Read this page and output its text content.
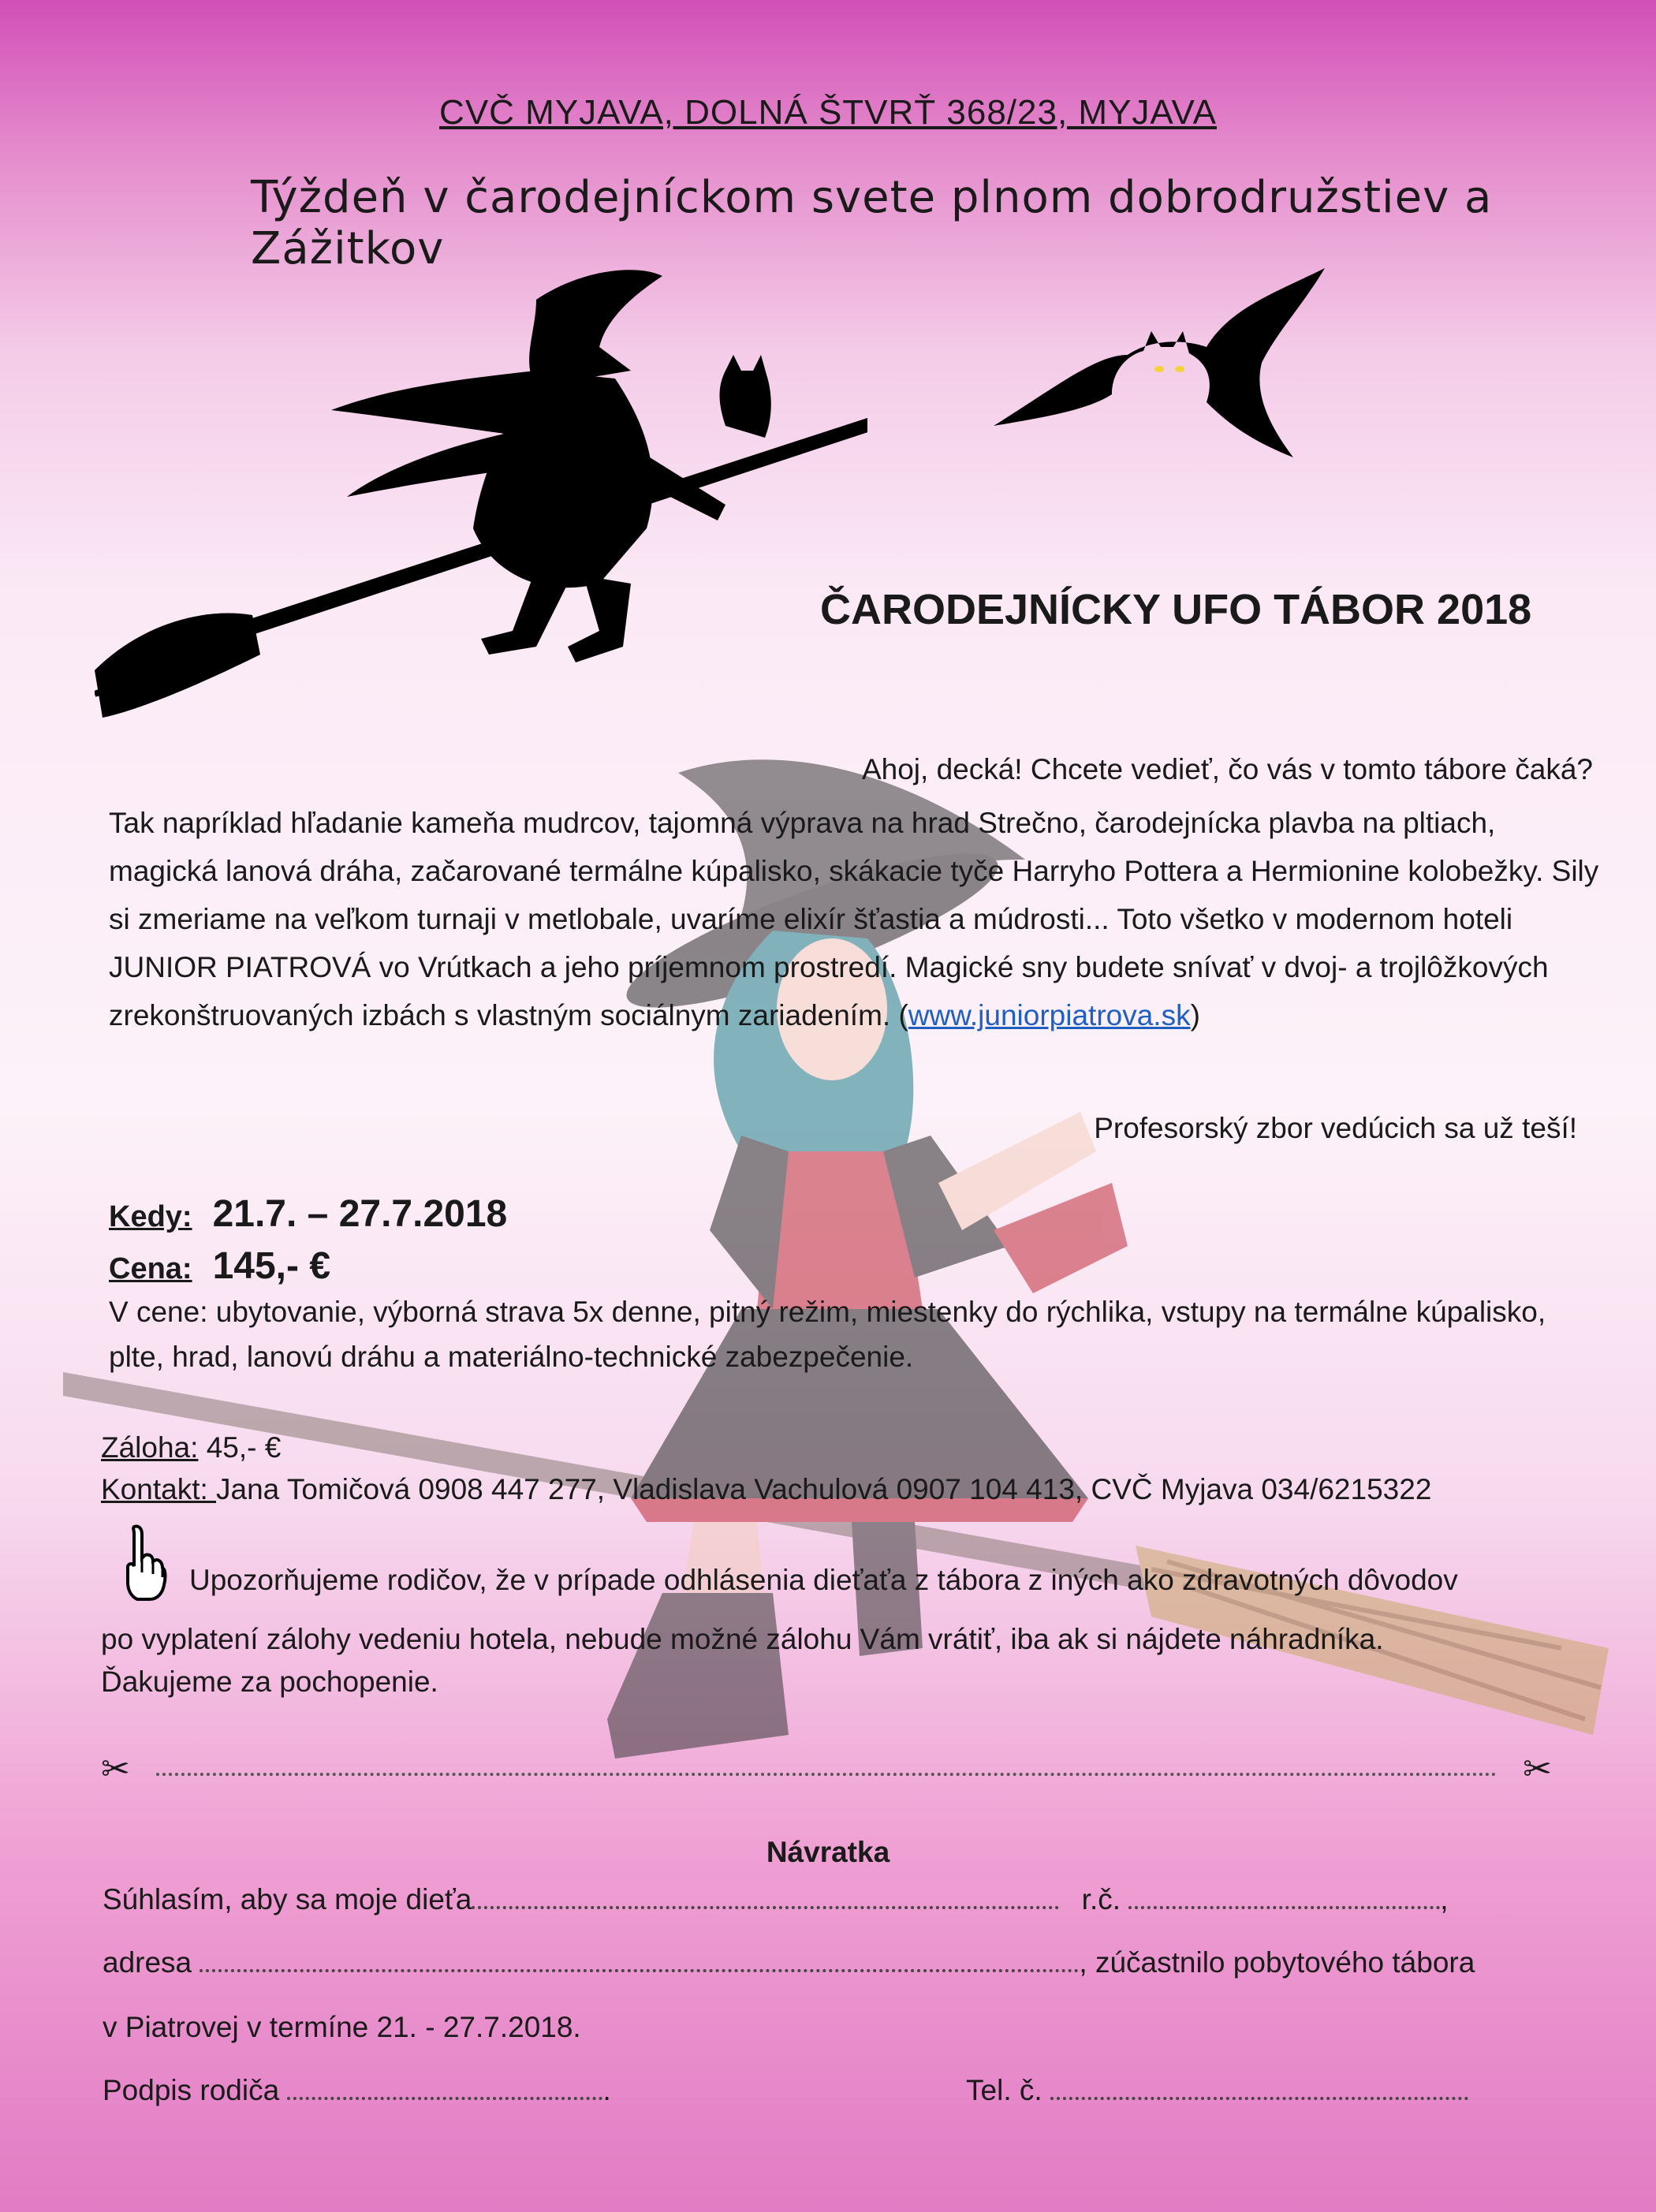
CVČ MYJAVA, DOLNÁ ŠTVRŤ 368/23, MYJAVA
Týždeň v čarodejníckom svete plnom dobrodružstiev a Zážitkov
ČARODEJNÍCKY UFO TÁBOR 2018
Ahoj, decká! Chcete vedieť, čo vás v tomto tábore čaká?
Tak napríklad hľadanie kameňa mudrcov, tajomná výprava na hrad Strečno, čarodejnícka plavba na pltiach, magická lanová dráha, začarované termálne kúpalisko, skákacie tyče Harryho Pottera a Hermionine kolobežky. Sily si zmeriame na veľkom turnaji v metlobale, uvaríme elixír šťastia a múdrosti... Toto všetko v modernom hoteli JUNIOR PIATROVÁ vo Vrútkach a jeho príjemnom prostredí. Magické sny budete snívať v dvoj- a trojlôžkových zrekonštruovaných izbách s vlastným sociálnym zariadením. (www.juniorpiatrova.sk)
Profesorský zbor vedúcich sa už teší!
Kedy: 21.7. – 27.7.2018
Cena: 145,- €
V cene: ubytovanie, výborná strava 5x denne, pitný režim, miestenky do rýchlika, vstupy na termálne kúpalisko, plte, hrad, lanovú dráhu a materiálno-technické zabezpečenie.
Záloha: 45,- €
Kontakt: Jana Tomičová 0908 447 277, Vladislava Vachulová 0907 104 413, CVČ Myjava 034/6215322
Upozorňujeme rodičov, že v prípade odhlásenia dieťaťa z tábora z iných ako zdravotných dôvodov
po vyplatení zálohy vedeniu hotela, nebude možné zálohu Vám vrátiť, iba ak si nájdete náhradníka.
Ďakujeme za pochopenie.
✂	✂
Návratka
Súhlasím, aby sa moje dieťa	r.č.	,
adresa	, zúčastnilo pobytového tábora
v Piatrovej v termíne 21. - 27.7.2018.
Podpis rodiča	.	Tel. č.
